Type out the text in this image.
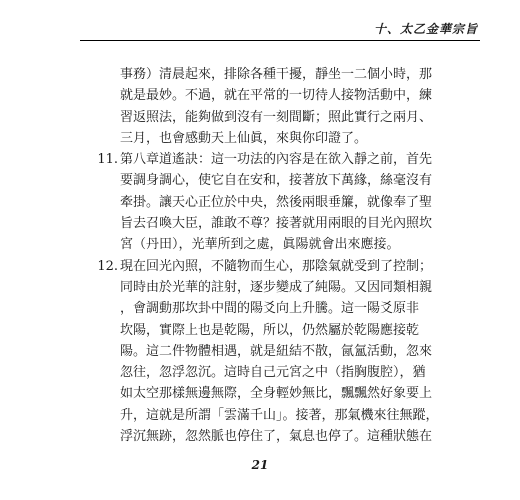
十、太乙金華宗旨
事務）清晨起來，排除各種干擾，靜坐一二個小時，那
就是最妙。不過，就在平常的一切待人接物活動中，練
習返照法，能夠做到沒有一刻間斷；照此實行之兩月、
三月，也會感動天上仙眞，來與你印證了。
11. 第八章道遙訣：這一功法的內容是在欲入靜之前，首先
要調身調心，使它自在安和，接著放下萬緣，絲毫沒有
牽掛。讓天心正位於中央，然後兩眼垂簾，就像奉了聖
旨去召喚大臣，誰敢不尊？接著就用兩眼的目光內照坎
宮（丹田），光華所到之處，眞陽就會出來應接。
12. 現在回光內照，不隨物而生心，那陰氣就受到了控制；
同時由於光華的註射，逐步變成了純陽。又因同類相親
，會調動那坎卦中間的陽爻向上升騰。這一陽爻原非
坎陽，實際上也是乾陽，所以，仍然屬於乾陽應接乾
陽。這二件物體相遇，就是紐結不散，氤氳活動，忽來
忽往，忽浮忽沉。這時自己元宮之中（指胸腹腔），猶
如太空那樣無邊無際，全身輕妙無比，飄飄然好象要上
升，這就是所謂「雲滿千山」。接著，那氣機來往無蹤，
浮沉無跡，忽然脈也停住了，氣息也停了。這種狀態在
21
